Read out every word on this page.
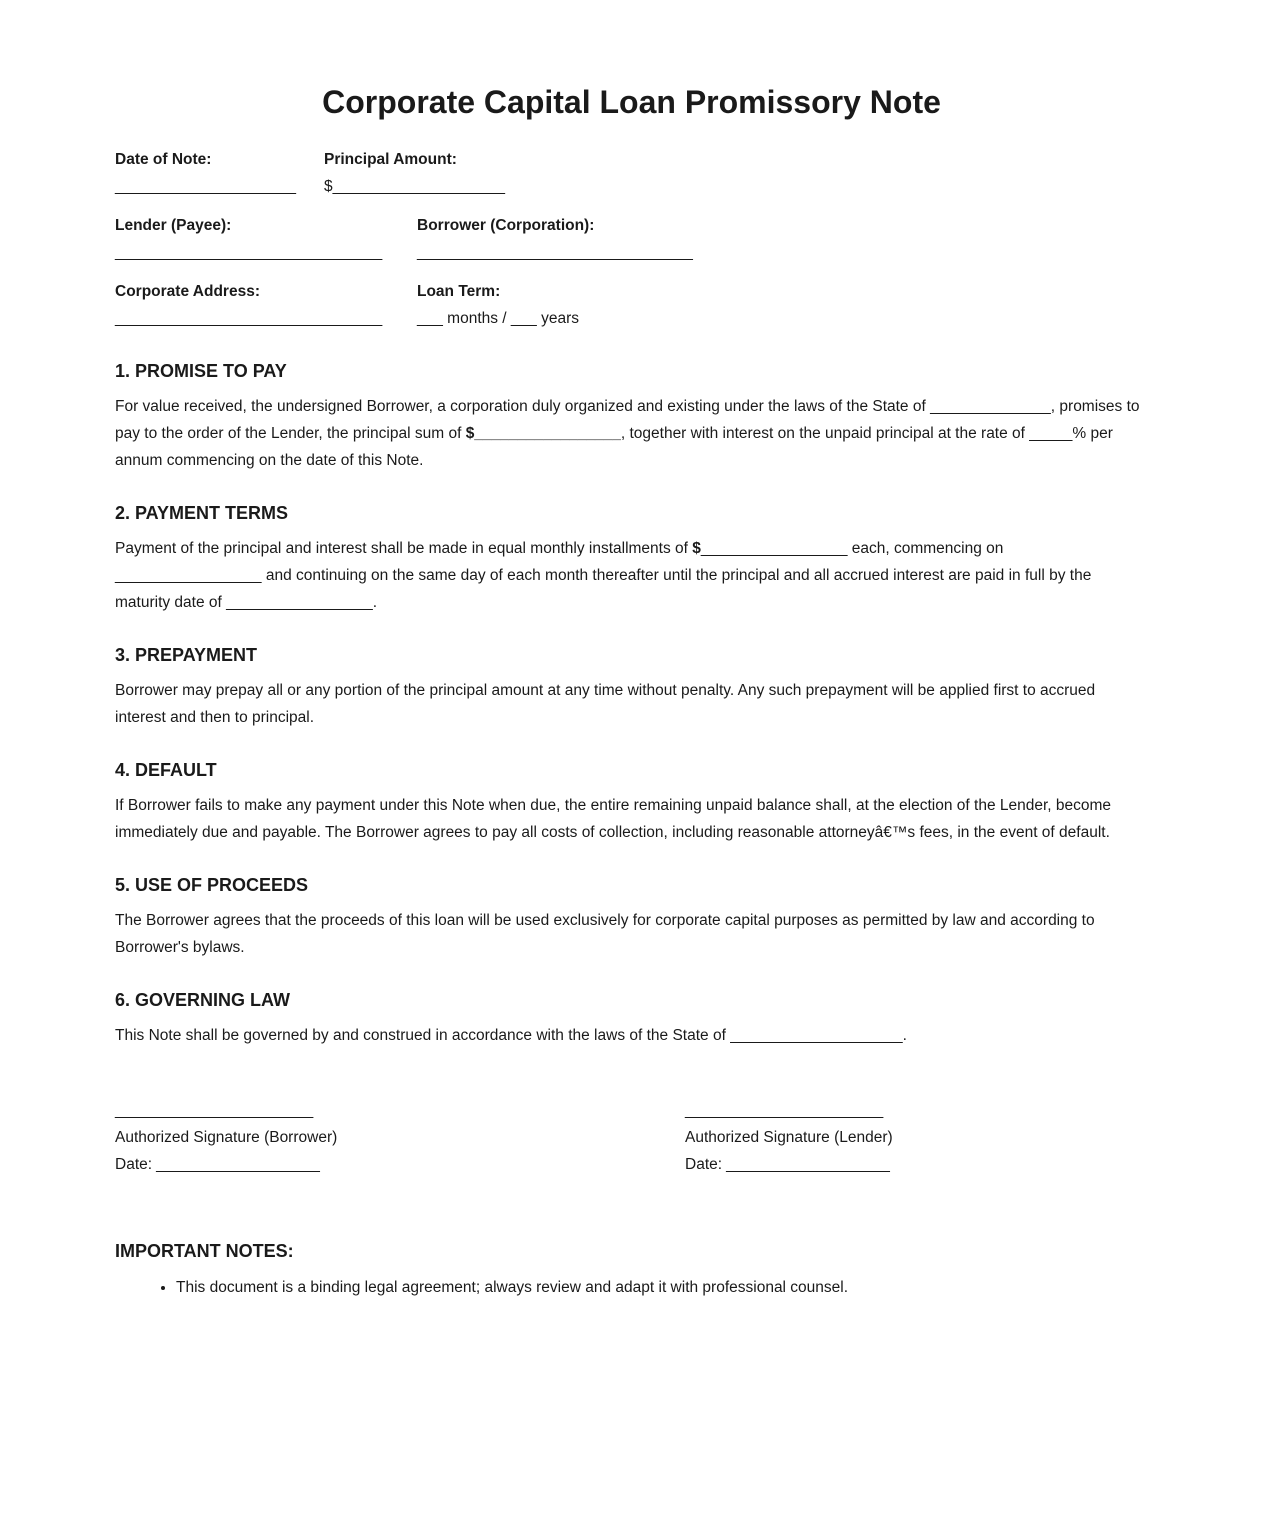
Corporate Capital Loan Promissory Note
Date of Note:
_____________________
Principal Amount:
$____________________
Lender (Payee):
_______________________________
Borrower (Corporation):
________________________________
Corporate Address:
_______________________________
Loan Term:
___ months / ___ years
1. PROMISE TO PAY

For value received, the undersigned Borrower, a corporation duly organized and existing under the laws of the State of ______________, promises to pay to the order of the Lender, the principal sum of $_________________, together with interest on the unpaid principal at the rate of _____% per annum commencing on the date of this Note.

2. PAYMENT TERMS

Payment of the principal and interest shall be made in equal monthly installments of $_________________ each, commencing on _________________ and continuing on the same day of each month thereafter until the principal and all accrued interest are paid in full by the maturity date of _________________.

3. PREPAYMENT

Borrower may prepay all or any portion of the principal amount at any time without penalty. Any such prepayment will be applied first to accrued interest and then to principal.

4. DEFAULT

If Borrower fails to make any payment under this Note when due, the entire remaining unpaid balance shall, at the election of the Lender, become immediately due and payable. The Borrower agrees to pay all costs of collection, including reasonable attorneyâ€™s fees, in the event of default.

5. USE OF PROCEEDS

The Borrower agrees that the proceeds of this loan will be used exclusively for corporate capital purposes as permitted by law and according to Borrower's bylaws.

6. GOVERNING LAW

This Note shall be governed by and construed in accordance with the laws of the State of ____________________.

_______________________
Authorized Signature (Borrower)
Date: ___________________
_______________________
Authorized Signature (Lender)
Date: ___________________
IMPORTANT NOTES:
• This document is a binding legal agreement; always review and adapt it with professional counsel.
